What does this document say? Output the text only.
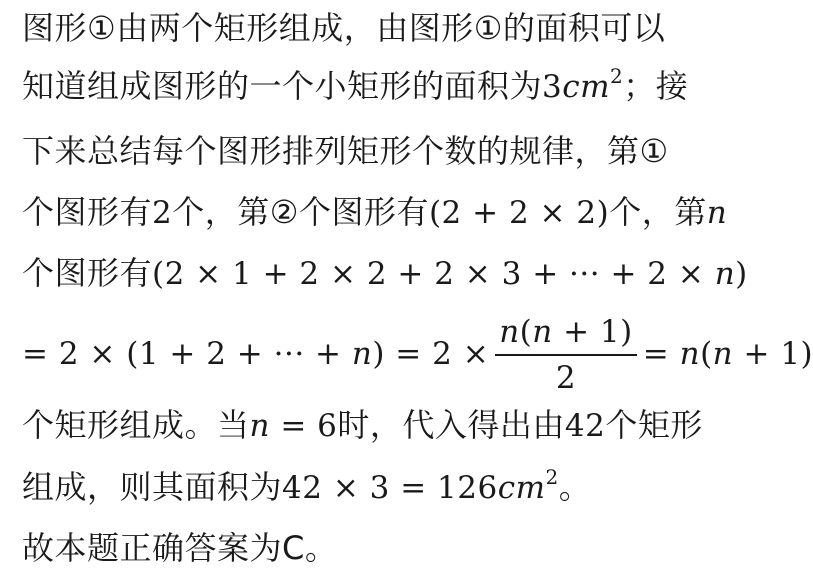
图形①由两个矩形组成，由图形①的面积可以
知道组成图形的一个小矩形的面积为$3cm^2$；接
下来总结每个图形排列矩形个数的规律，第①
个图形有2个，第②个图形有(2 + 2 × 2)个，第n
个图形有(2 × 1 + 2 × 2 + 2 × 3 + ··· + 2 × n)
= 2 × (1 + 2 + ··· + $n) = 2 \times \frac{n(n + 1)}{2} = n(n + 1)$
个矩形组成。当n = 6时，代入得出由42个矩形
组成，则其面积为$42 \times 3 = 126cm^2$。
故本题正确答案为C。
